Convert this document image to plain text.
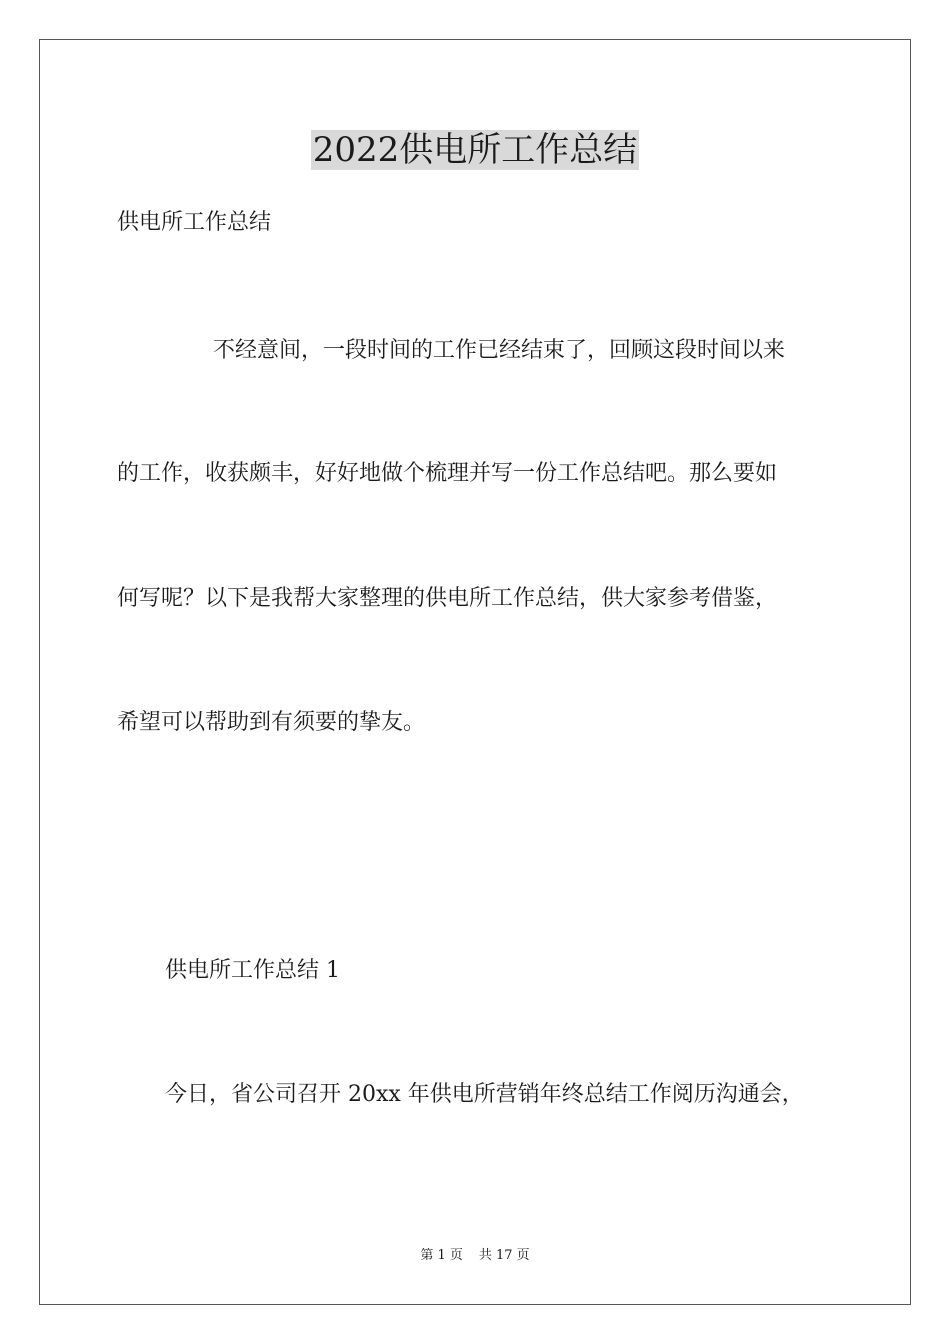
2022供电所工作总结
供电所工作总结
不经意间，一段时间的工作已经结束了，回顾这段时间以来
的工作，收获颇丰，好好地做个梳理并写一份工作总结吧。那么要如
何写呢？以下是我帮大家整理的供电所工作总结，供大家参考借鉴，
希望可以帮助到有须要的挚友。
供电所工作总结 1
今日，省公司召开 20xx 年供电所营销年终总结工作阅历沟通会，
第 1 页 共 17 页
